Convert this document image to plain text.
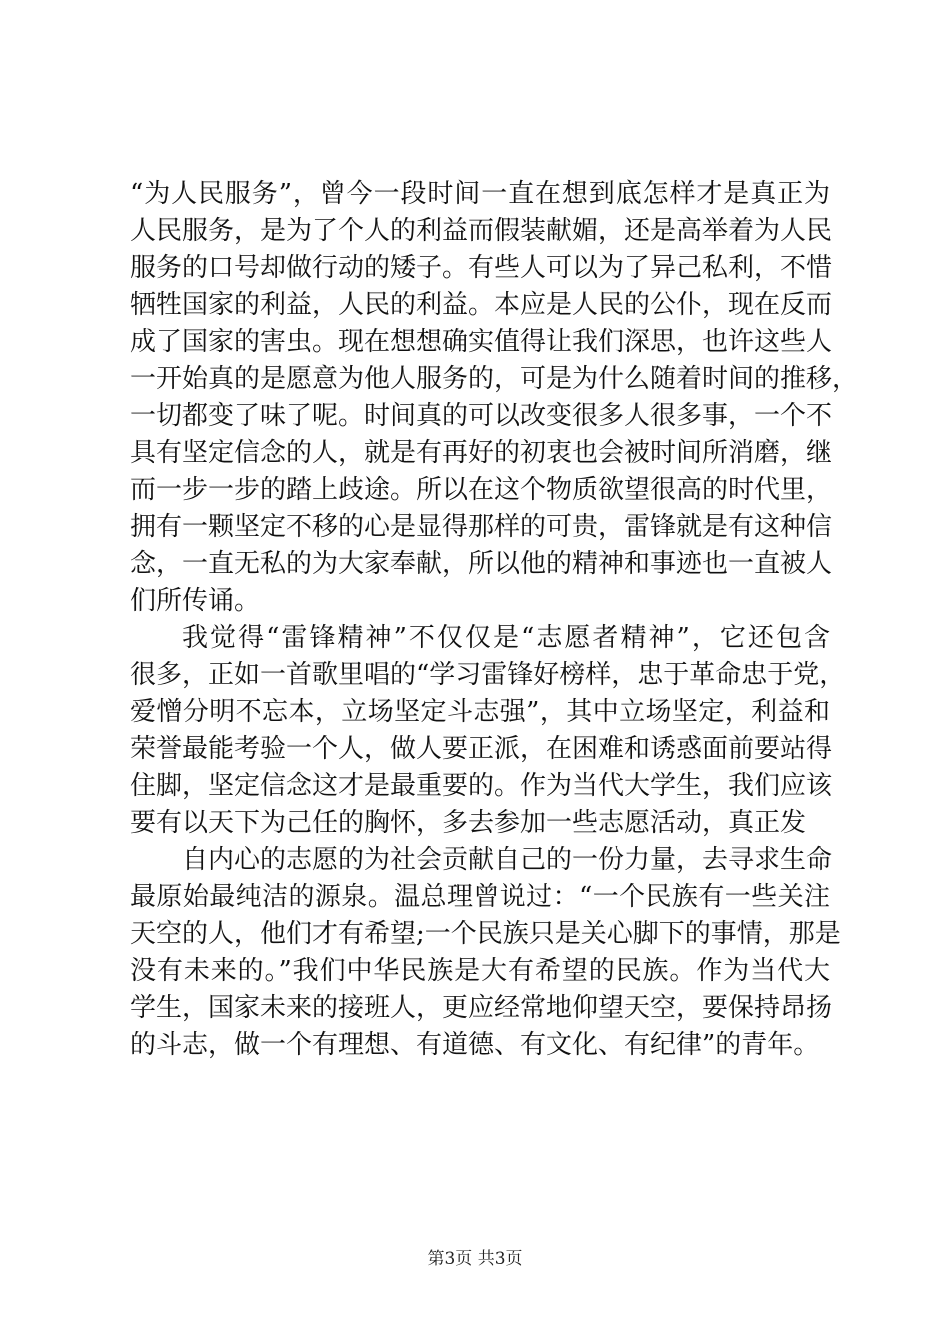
“为人民服务”，曾今一段时间一直在想到底怎样才是真正为
人民服务，是为了个人的利益而假装献媚，还是高举着为人民
服务的口号却做行动的矮子。有些人可以为了异己私利，不惜
牺牲国家的利益，人民的利益。本应是人民的公仆，现在反而
成了国家的害虫。现在想想确实值得让我们深思，也许这些人
一开始真的是愿意为他人服务的，可是为什么随着时间的推移，
一切都变了味了呢。时间真的可以改变很多人很多事，一个不
具有坚定信念的人，就是有再好的初衷也会被时间所消磨，继
而一步一步的踏上歧途。所以在这个物质欲望很高的时代里，
拥有一颗坚定不移的心是显得那样的可贵，雷锋就是有这种信
念，一直无私的为大家奉献，所以他的精神和事迹也一直被人
们所传诵。
我觉得“雷锋精神”不仅仅是“志愿者精神”，它还包含
很多，正如一首歌里唱的“学习雷锋好榜样，忠于革命忠于党，
爱憎分明不忘本，立场坚定斗志强”，其中立场坚定，利益和
荣誉最能考验一个人，做人要正派，在困难和诱惑面前要站得
住脚，坚定信念这才是最重要的。作为当代大学生，我们应该
要有以天下为己任的胸怀，多去参加一些志愿活动，真正发
自内心的志愿的为社会贡献自己的一份力量，去寻求生命
最原始最纯洁的源泉。温总理曾说过：“一个民族有一些关注
天空的人，他们才有希望;一个民族只是关心脚下的事情，那是
没有未来的。”我们中华民族是大有希望的民族。作为当代大
学生，国家未来的接班人，更应经常地仰望天空，要保持昂扬
的斗志，做一个有理想、有道德、有文化、有纪律”的青年。
第3页 共3页
